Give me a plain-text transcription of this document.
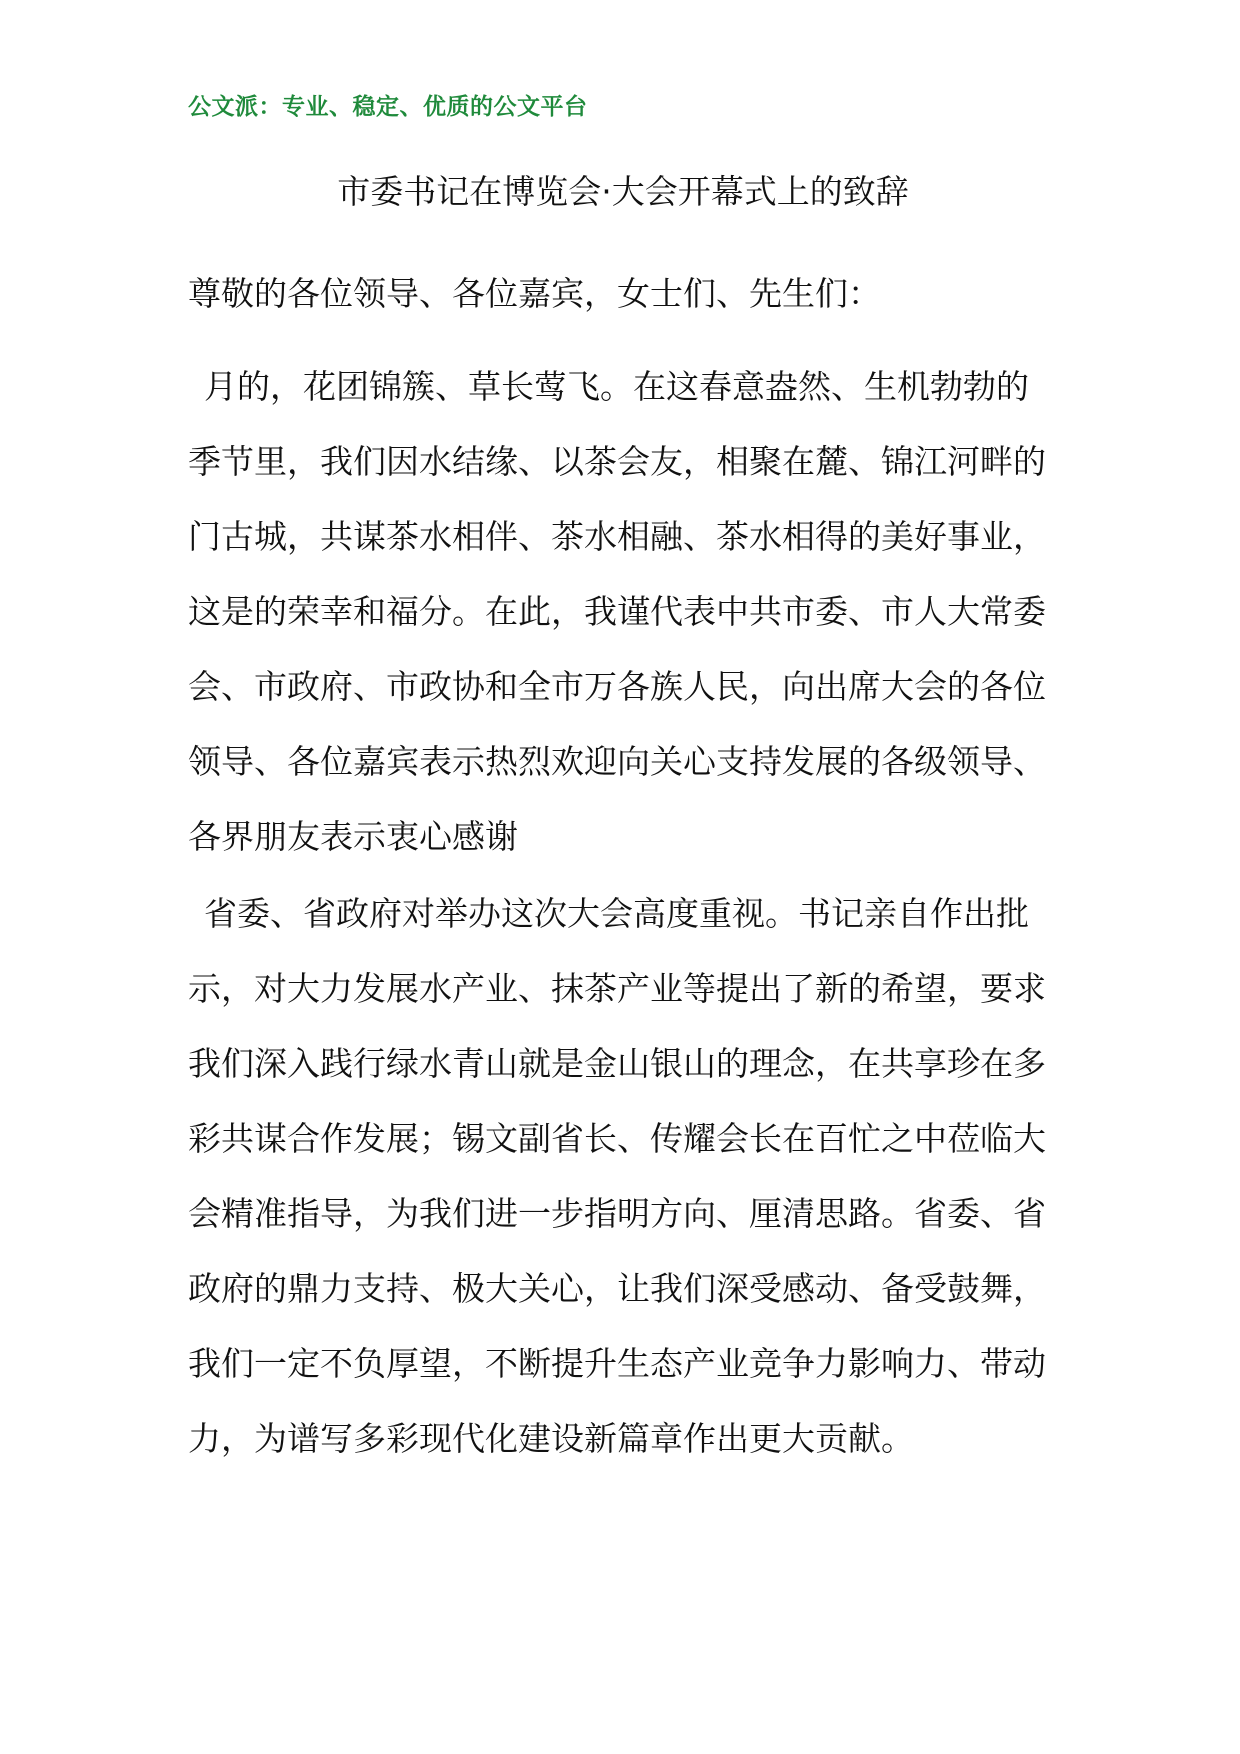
公文派：专业、稳定、优质的公文平台
市委书记在博览会·大会开幕式上的致辞

尊敬的各位领导、各位嘉宾，女士们、先生们：

月的，花团锦簇、草长莺飞。在这春意盎然、生机勃勃的季节里，我们因水结缘、以茶会友，相聚在麓、锦江河畔的门古城，共谋茶水相伴、茶水相融、茶水相得的美好事业，这是的荣幸和福分。在此，我谨代表中共市委、市人大常委会、市政府、市政协和全市万各族人民，向出席大会的各位领导、各位嘉宾表示热烈欢迎向关心支持发展的各级领导、各界朋友表示衷心感谢

省委、省政府对举办这次大会高度重视。书记亲自作出批示，对大力发展水产业、抹茶产业等提出了新的希望，要求我们深入践行绿水青山就是金山银山的理念，在共享珍在多彩共谋合作发展；锡文副省长、传耀会长在百忙之中莅临大会精准指导，为我们进一步指明方向、厘清思路。省委、省政府的鼎力支持、极大关心，让我们深受感动、备受鼓舞，我们一定不负厚望，不断提升生态产业竞争力影响力、带动力，为谱写多彩现代化建设新篇章作出更大贡献。
